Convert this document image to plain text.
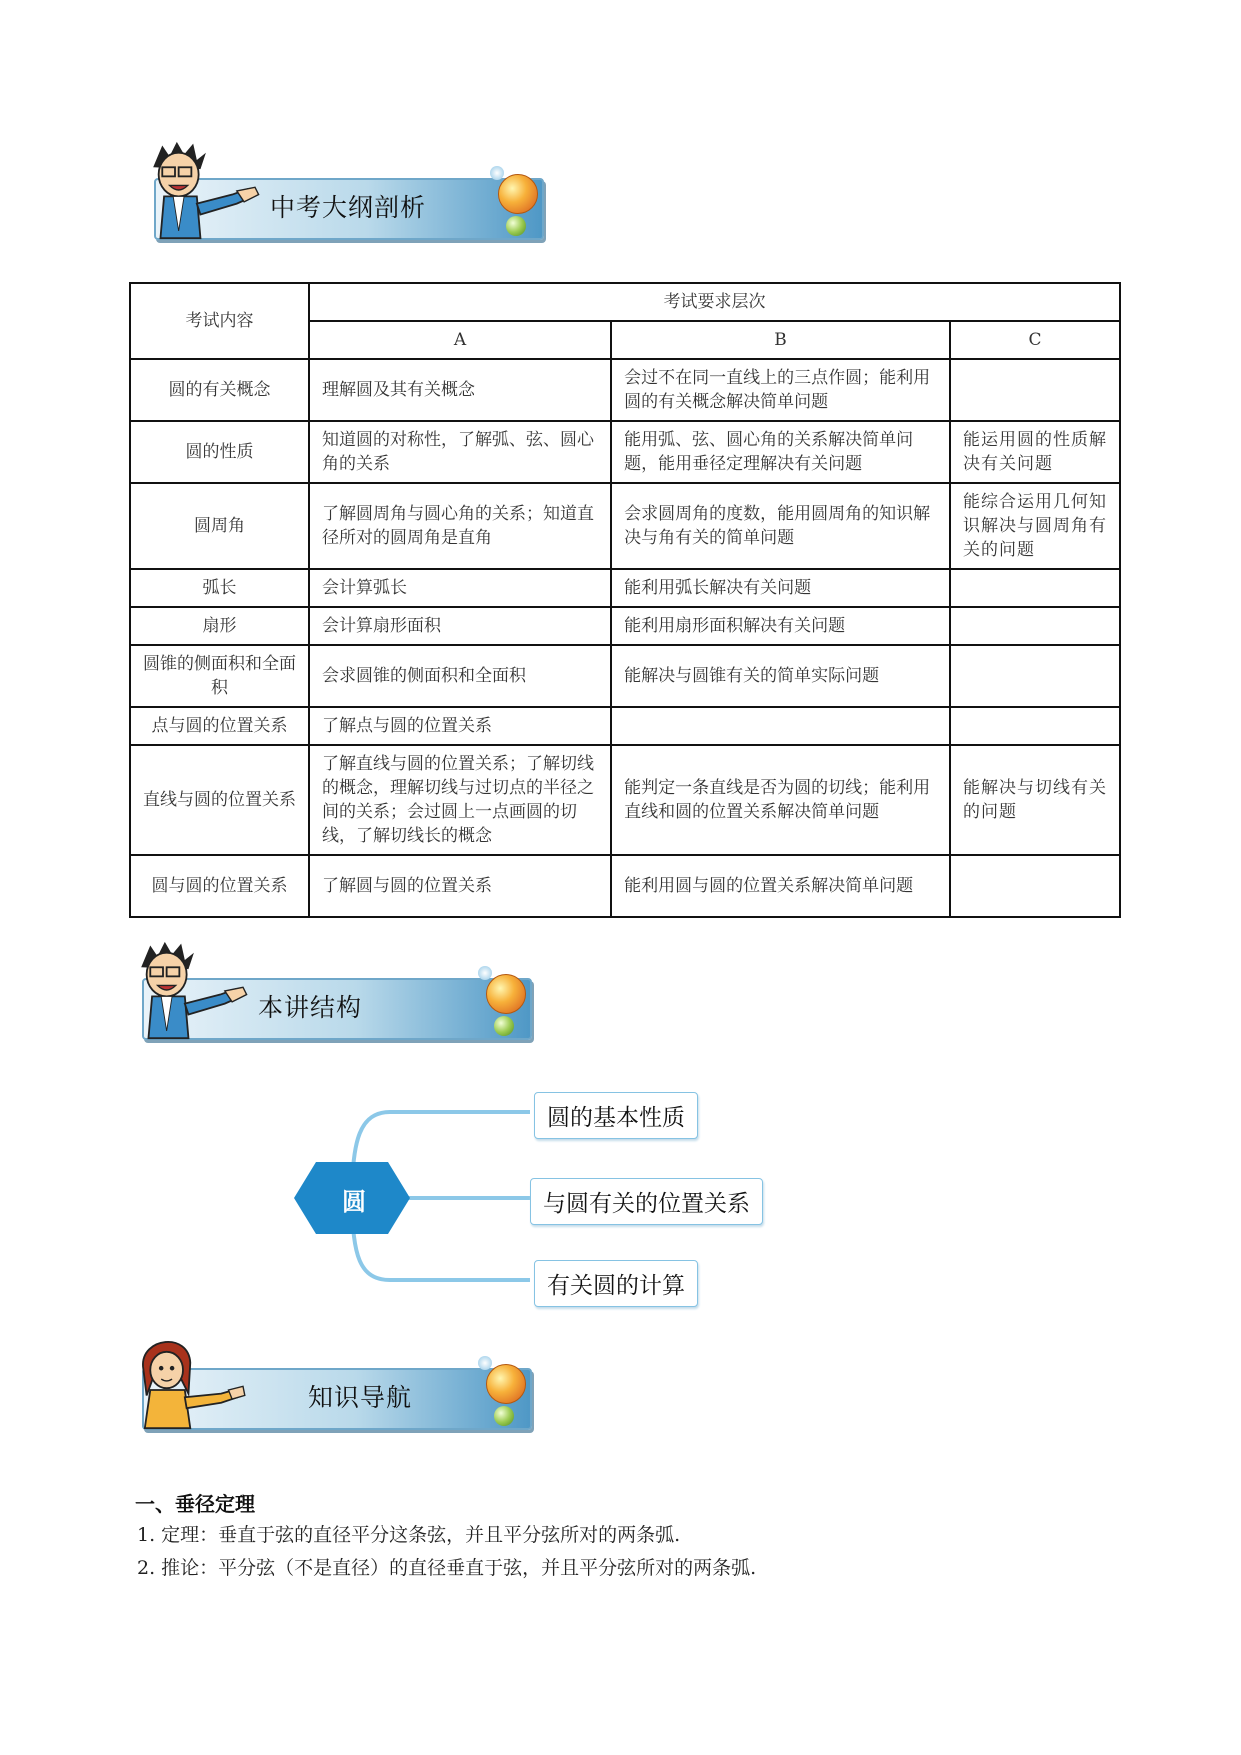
中考大纲剖析
考试内容	考试要求层次		
	A	B	C
圆的有关概念	理解圆及其有关概念	会过不在同一直线上的三点作圆；能利用圆的有关概念解决简单问题	
圆的性质	知道圆的对称性，了解弧、弦、圆心角的关系	能用弧、弦、圆心角的关系解决简单问题，能用垂径定理解决有关问题	能运用圆的性质解决有关问题
圆周角	了解圆周角与圆心角的关系；知道直径所对的圆周角是直角	会求圆周角的度数，能用圆周角的知识解决与角有关的简单问题	能综合运用几何知识解决与圆周角有关的问题
弧长	会计算弧长	能利用弧长解决有关问题	
扇形	会计算扇形面积	能利用扇形面积解决有关问题	
圆锥的侧面积和全面积	会求圆锥的侧面积和全面积	能解决与圆锥有关的简单实际问题	
点与圆的位置关系	了解点与圆的位置关系		
直线与圆的位置关系	了解直线与圆的位置关系；了解切线的概念，理解切线与过切点的半径之间的关系；会过圆上一点画圆的切线，了解切线长的概念	能判定一条直线是否为圆的切线；能利用直线和圆的位置关系解决简单问题	能解决与切线有关的问题
圆与圆的位置关系	了解圆与圆的位置关系	能利用圆与圆的位置关系解决简单问题	
本讲结构
圆
圆的基本性质
与圆有关的位置关系
有关圆的计算
知识导航
一、垂径定理
1. 定理：垂直于弦的直径平分这条弦，并且平分弦所对的两条弧.
2. 推论：平分弦（不是直径）的直径垂直于弦，并且平分弦所对的两条弧.
